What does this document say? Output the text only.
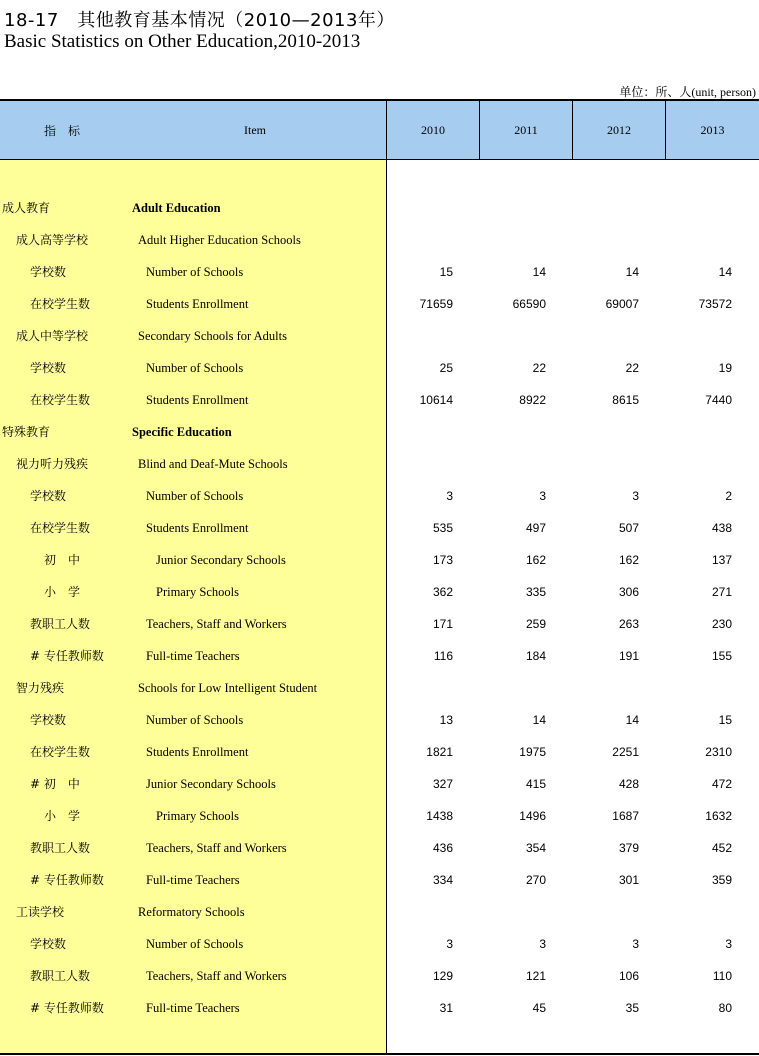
18-17　其他教育基本情况（2010—2013年）
Basic Statistics on Other Education,2010-2013
单位：所、人(unit, person)
指　标	Item	2010	2011	2012	2013
成人教育	Adult Education
成人高等学校	Adult Higher Education Schools
学校数	Number of Schools	15	14	14	14
在校学生数	Students Enrollment	71659	66590	69007	73572
成人中等学校	Secondary Schools for Adults
学校数	Number of Schools	25	22	22	19
在校学生数	Students Enrollment	10614	8922	8615	7440
特殊教育	Specific Education
视力听力残疾	Blind and Deaf-Mute Schools
学校数	Number of Schools	3	3	3	2
在校学生数	Students Enrollment	535	497	507	438
初　中	Junior Secondary Schools	173	162	162	137
小　学	Primary Schools	362	335	306	271
教职工人数	Teachers, Staff and Workers	171	259	263	230
# 专任教师数	Full-time Teachers	116	184	191	155
智力残疾	Schools for Low Intelligent Student
学校数	Number of Schools	13	14	14	15
在校学生数	Students Enrollment	1821	1975	2251	2310
# 初　中	Junior Secondary Schools	327	415	428	472
小　学	Primary Schools	1438	1496	1687	1632
教职工人数	Teachers, Staff and Workers	436	354	379	452
# 专任教师数	Full-time Teachers	334	270	301	359
工读学校	Reformatory Schools
学校数	Number of Schools	3	3	3	3
教职工人数	Teachers, Staff and Workers	129	121	106	110
# 专任教师数	Full-time Teachers	31	45	35	80
